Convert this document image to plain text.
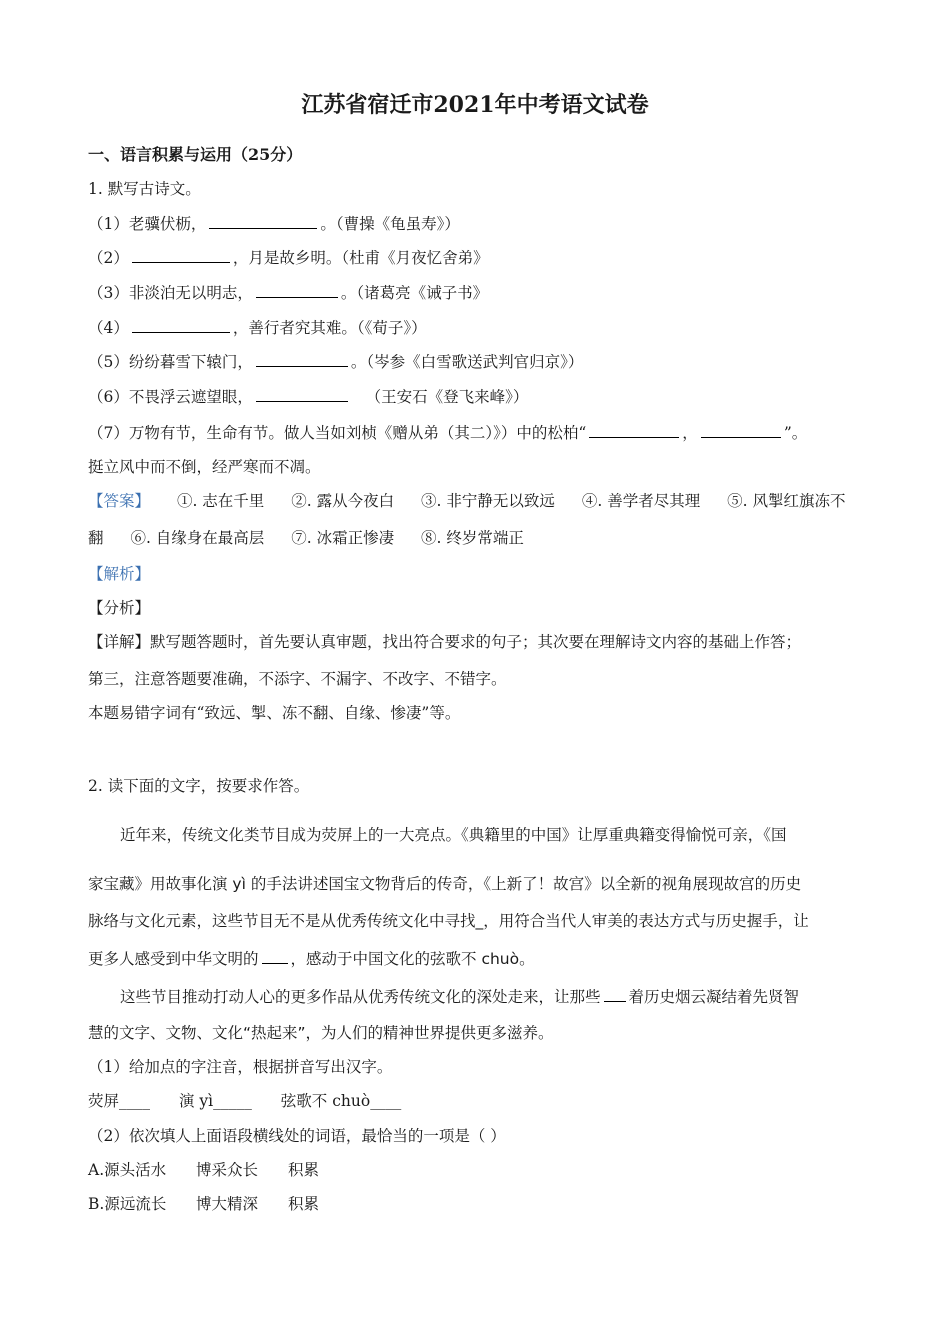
江苏省宿迁市2021年中考语文试卷
一、语言积累与运用（25分）
1. 默写古诗文。
（1）老骥伏枥，	。（曹操《龟虽寿》）
（2）	，月是故乡明。（杜甫《月夜忆舍弟》
（3）非淡泊无以明志，	。（诸葛亮《诫子书》
（4）	，善行者究其难。（《荀子》）
（5）纷纷暮雪下辕门，	。（岑参《白雪歌送武判官归京》）
（6）不畏浮云遮望眼，	（王安石《登飞来峰》）
（7）万物有节，生命有节。做人当如刘桢《赠从弟（其二）》）中的松柏“	，	”。
挺立风中而不倒，经严寒而不凋。
【答案】 ①. 志在千里 ②. 露从今夜白 ③. 非宁静无以致远 ④. 善学者尽其理 ⑤. 风掣红旗冻不
翻 ⑥. 自缘身在最高层 ⑦. 冰霜正惨凄 ⑧. 终岁常端正
【解析】
【分析】
【详解】默写题答题时，首先要认真审题，找出符合要求的句子；其次要在理解诗文内容的基础上作答；
第三，注意答题要准确，不添字、不漏字、不改字、不错字。
本题易错字词有“致远、掣、冻不翻、自缘、惨凄”等。
2. 读下面的文字，按要求作答。
近年来，传统文化类节目成为荧屏上的一大亮点。《典籍里的中国》让厚重典籍变得愉悦可亲，《国
家宝藏》用故事化演 yì 的手法讲述国宝文物背后的传奇，《上新了！故宫》以全新的视角展现故宫的历史
脉络与文化元素，这些节目无不是从优秀传统文化中寻找_，用符合当代人审美的表达方式与历史握手，让
更多人感受到中华文明的 ，感动于中国文化的弦歌不 chuò。
这些节目推动打动人心的更多作品从优秀传统文化的深处走来，让那些 着历史烟云凝结着先贤智
慧的文字、文物、文化“热起来”，为人们的精神世界提供更多滋养。
（1）给加点的字注音，根据拼音写出汉字。
荧屏____ 演 yì_____ 弦歌不 chuò____
（2）依次填人上面语段横线处的词语，最恰当的一项是（ ）
A.源头活水 博采众长 积累
B.源远流长 博大精深 积累
